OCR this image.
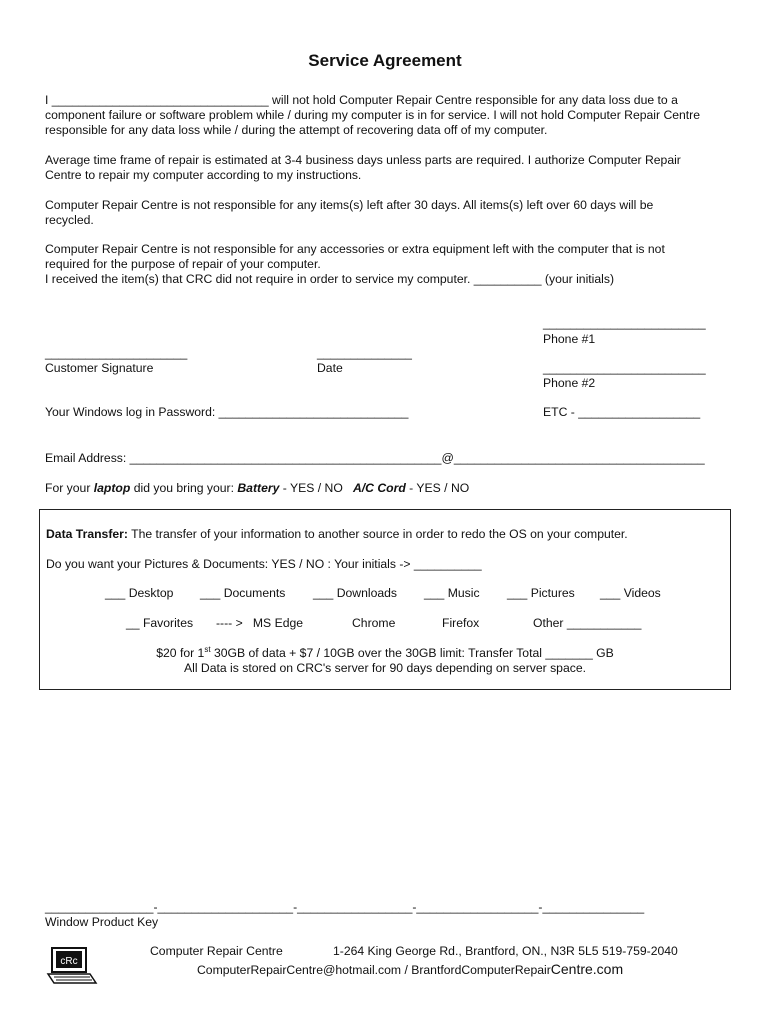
Service Agreement
I ________________________________ will not hold Computer Repair Centre responsible for any data loss due to a
component failure or software problem while / during my computer is in for service. I will not hold Computer Repair Centre
responsible for any data loss while / during the attempt of recovering data off of my computer.
Average time frame of repair is estimated at 3-4 business days unless parts are required. I authorize Computer Repair
Centre to repair my computer according to my instructions.
Computer Repair Centre is not responsible for any items(s) left after 30 days. All items(s) left over 60 days will be
recycled.
Computer Repair Centre is not responsible for any accessories or extra equipment left with the computer that is not
required for the purpose of repair of your computer.
I received the item(s) that CRC did not require in order to service my computer. __________ (your initials)
________________________
Phone #1
_____________________
Customer Signature
______________
Date	________________________
Phone #2
Your Windows log in Password: ____________________________	ETC - __________________
Email Address: ______________________________________________@_____________________________________
For your laptop did you bring your: Battery - YES / NO   A/C Cord - YES / NO
Data Transfer: The transfer of your information to another source in order to redo the OS on your computer.
Do you want your Pictures & Documents: YES / NO : Your initials -> __________
___ Desktop ___ Documents ___ Downloads ___ Music ___ Pictures ___ Videos
__ Favorites ---- >   MS Edge	Chrome	Firefox	Other ___________
$20 for 1st 30GB of data + $7 / 10GB over the 30GB limit: Transfer Total _______ GB
All Data is stored on CRC's server for 90 days depending on server space.
________________-____________________-_________________-__________________-_______________
Window Product Key
cRc
Computer Repair Centre	1-264 King George Rd., Brantford, ON., N3R 5L5 519-759-2040
ComputerRepairCentre@hotmail.com / BrantfordComputerRepairCentre.com
